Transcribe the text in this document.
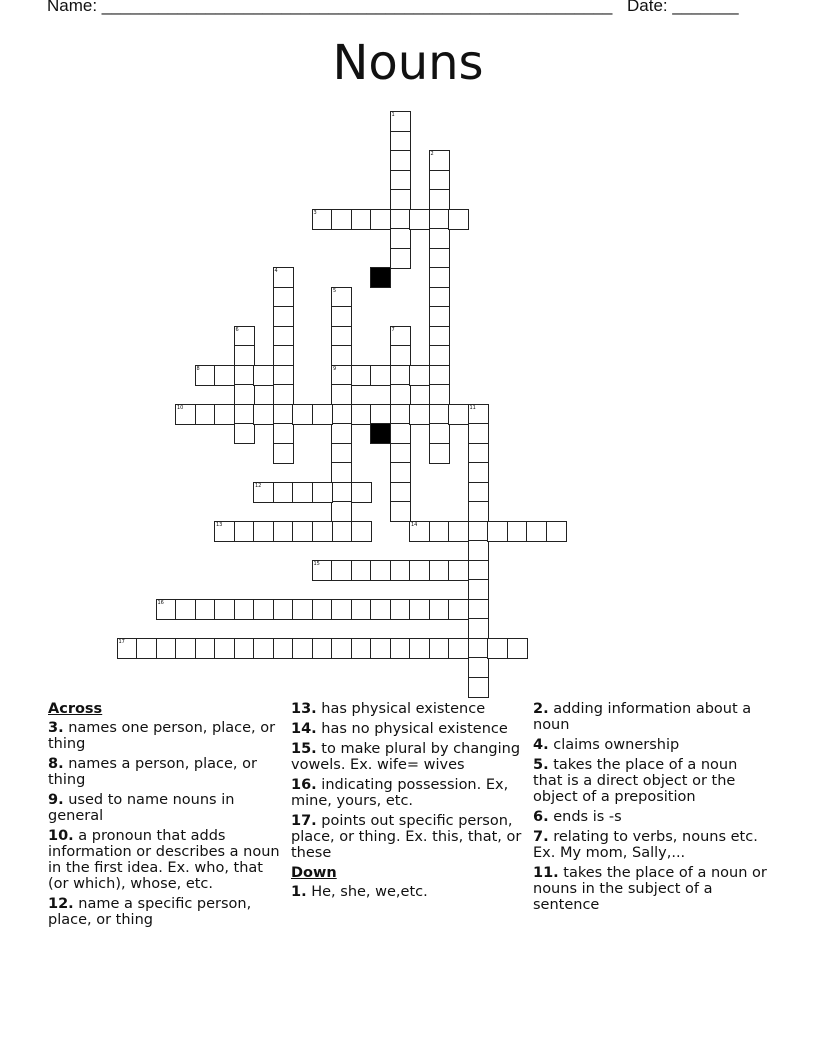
Name: ______________________________________________________ Date: _______
Nouns
1
2
3
4
5
9
6	7
8
10	11
12
13	14
15
16
17
Across
3. names one person, place, or thing
8. names a person, place, or thing
9. used to name nouns in general
10. a pronoun that adds information or describes a noun in the first idea. Ex. who, that (or which), whose, etc.
12. name a specific person, place, or thing
13. has physical existence
14. has no physical existence
15. to make plural by changing vowels. Ex. wife= wives
16. indicating possession. Ex, mine, yours, etc.
17. points out specific person, place, or thing. Ex. this, that, or these
Down
1. He, she, we,etc.
2. adding information about a noun
4. claims ownership
5. takes the place of a noun that is a direct object or the object of a preposition
6. ends is -s
7. relating to verbs, nouns etc. Ex. My mom, Sally,...
11. takes the place of a noun or nouns in the subject of a sentence
